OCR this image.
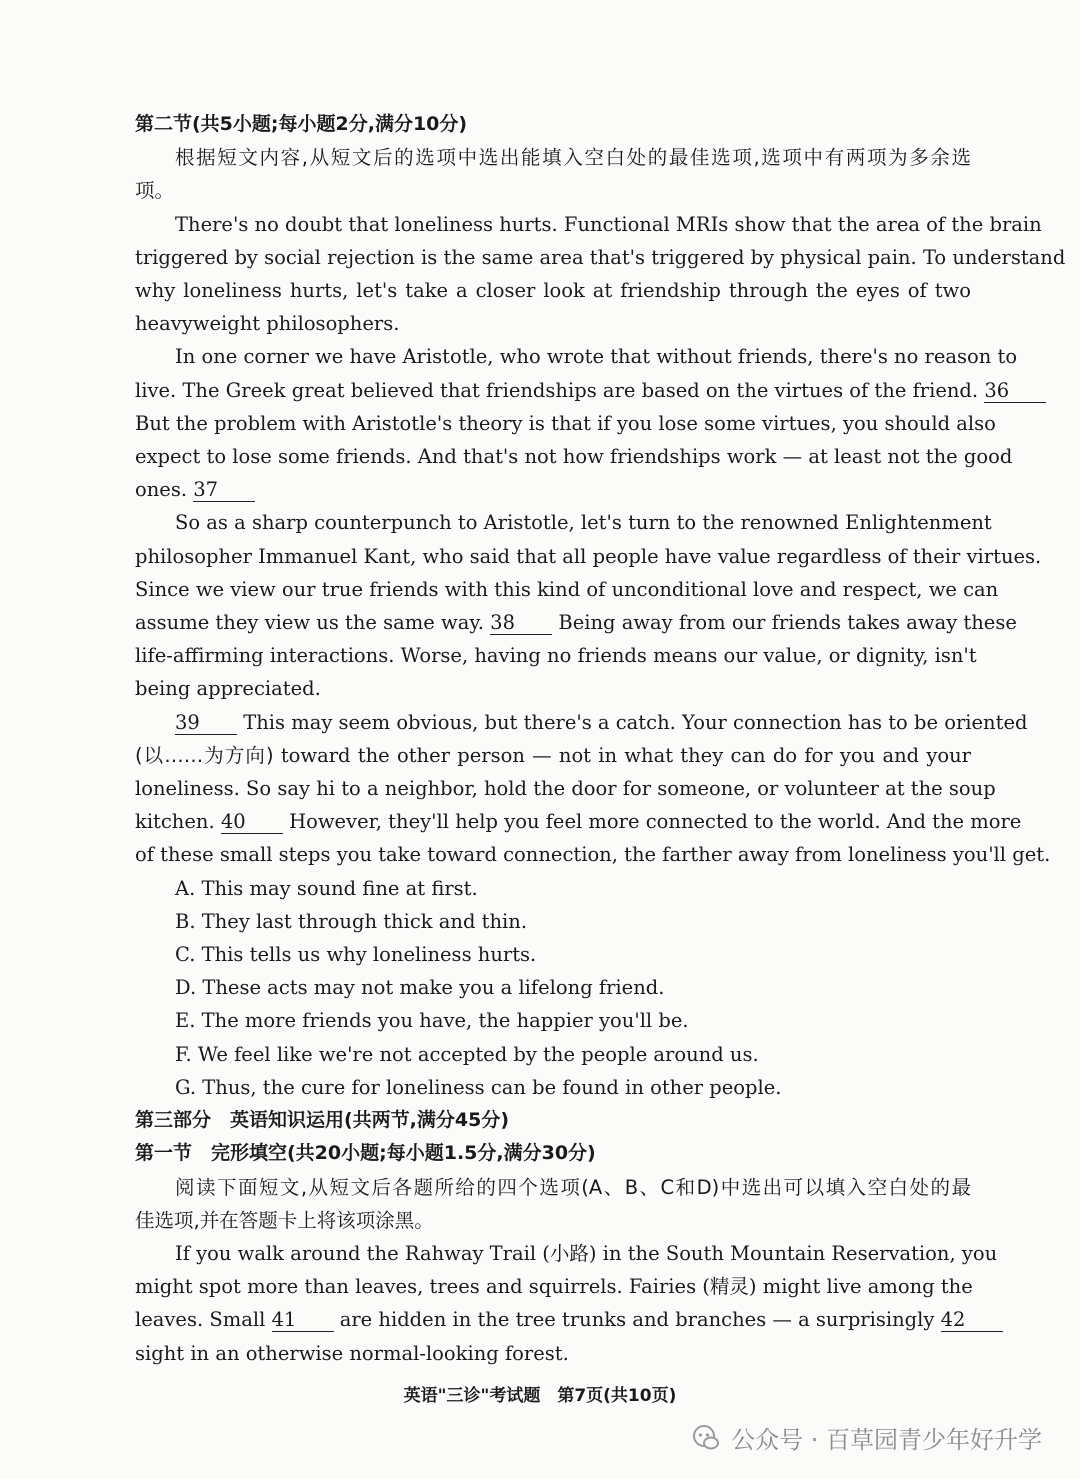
第二节(共5小题;每小题2分,满分10分)
根据短文内容,从短文后的选项中选出能填入空白处的最佳选项,选项中有两项为多余选
项。
There's no doubt that loneliness hurts. Functional MRIs show that the area of the brain
triggered by social rejection is the same area that's triggered by physical pain. To understand
why loneliness hurts, let's take a closer look at friendship through the eyes of two
heavyweight philosophers.
In one corner we have Aristotle, who wrote that without friends, there's no reason to
live. The Greek great believed that friendships are based on the virtues of the friend. 36
But the problem with Aristotle's theory is that if you lose some virtues, you should also
expect to lose some friends. And that's not how friendships work — at least not the good
ones. 37
So as a sharp counterpunch to Aristotle, let's turn to the renowned Enlightenment
philosopher Immanuel Kant, who said that all people have value regardless of their virtues.
Since we view our true friends with this kind of unconditional love and respect, we can
assume they view us the same way. 38 Being away from our friends takes away these
life-affirming interactions. Worse, having no friends means our value, or dignity, isn't
being appreciated.
39 This may seem obvious, but there's a catch. Your connection has to be oriented
(以……为方向) toward the other person — not in what they can do for you and your
loneliness. So say hi to a neighbor, hold the door for someone, or volunteer at the soup
kitchen. 40 However, they'll help you feel more connected to the world. And the more
of these small steps you take toward connection, the farther away from loneliness you'll get.
A. This may sound fine at first.
B. They last through thick and thin.
C. This tells us why loneliness hurts.
D. These acts may not make you a lifelong friend.
E. The more friends you have, the happier you'll be.
F. We feel like we're not accepted by the people around us.
G. Thus, the cure for loneliness can be found in other people.
第三部分　英语知识运用(共两节,满分45分)
第一节　完形填空(共20小题;每小题1.5分,满分30分)
阅读下面短文,从短文后各题所给的四个选项(A、B、C和D)中选出可以填入空白处的最
佳选项,并在答题卡上将该项涂黑。
If you walk around the Rahway Trail (小路) in the South Mountain Reservation, you
might spot more than leaves, trees and squirrels. Fairies (精灵) might live among the
leaves. Small 41 are hidden in the tree trunks and branches — a surprisingly 42
sight in an otherwise normal-looking forest.
英语"三诊"考试题　第7页(共10页)
公众号 · 百草园青少年好升学
